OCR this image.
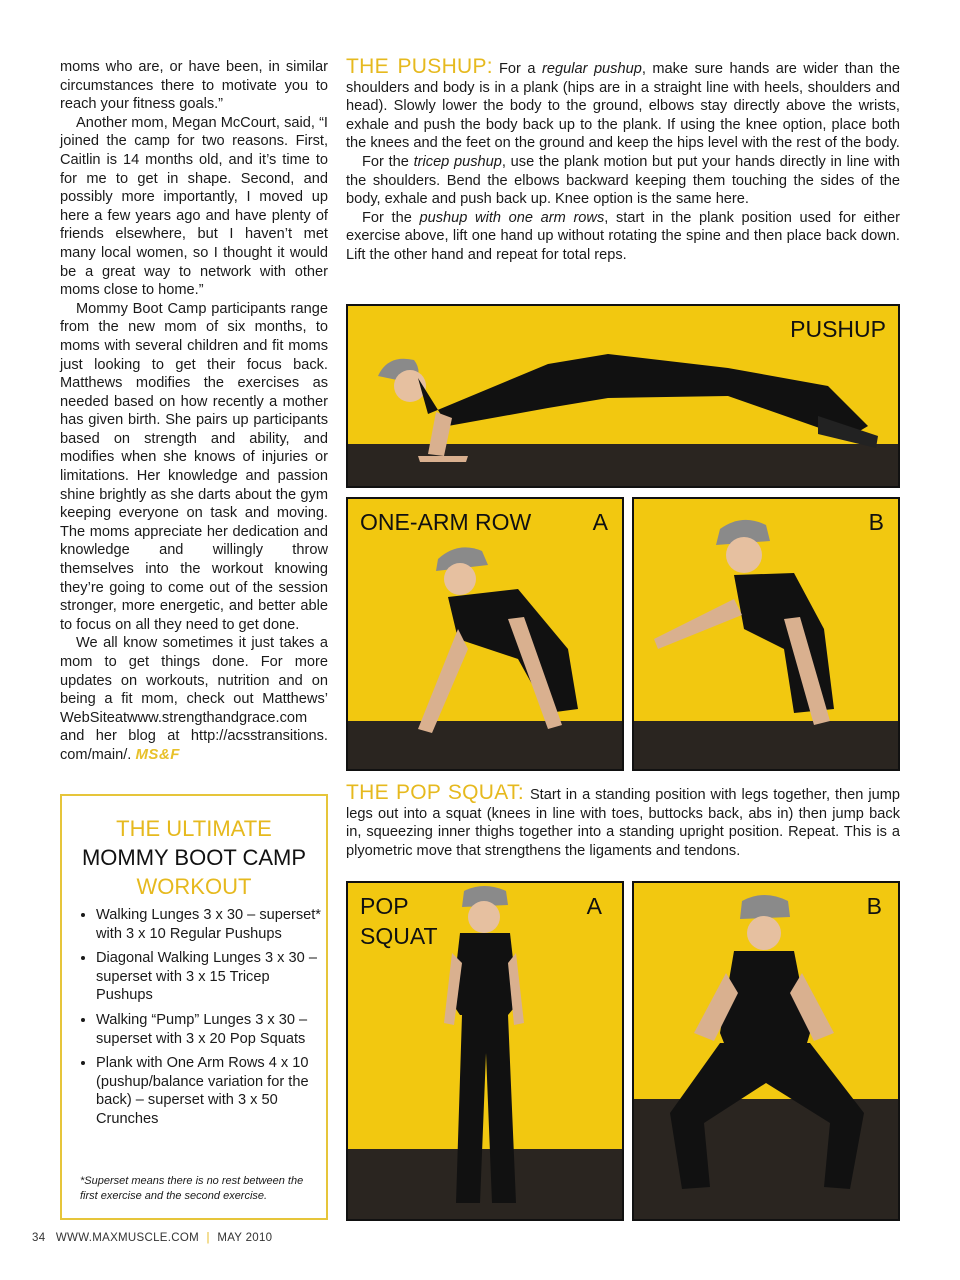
moms who are, or have been, in similar circumstances there to motivate you to reach your fitness goals.”

Another mom, Megan McCourt, said, “I joined the camp for two reasons. First, Caitlin is 14 months old, and it’s time to for me to get in shape. Second, and possibly more importantly, I moved up here a few years ago and have plenty of friends elsewhere, but I haven’t met many local women, so I thought it would be a great way to network with other moms close to home.”

Mommy Boot Camp participants range from the new mom of six months, to moms with several children and fit moms just looking to get their focus back. Matthews modifies the exercises as needed based on how recently a mother has given birth. She pairs up participants based on strength and ability, and modifies when she knows of injuries or limitations. Her knowledge and passion shine brightly as she darts about the gym keeping everyone on task and moving. The moms appreciate her dedication and knowledge and willingly throw themselves into the workout knowing they’re going to come out of the session stronger, more energetic, and better able to focus on all they need to get done.

We all know sometimes it just takes a mom to get things done. For more updates on workouts, nutrition and on being a fit mom, check out Matthews’ WebSiteatwww.strengthandgrace.com and her blog at http://acsstransitions. com/main/. MS&F

THE ULTIMATE
MOMMY BOOT CAMP
WORKOUT
• Walking Lunges 3 x 30 – superset* with 3 x 10 Regular Pushups
• Diagonal Walking Lunges 3 x 30 – superset with 3 x 15 Tricep Pushups
• Walking “Pump” Lunges 3 x 30 – superset with 3 x 20 Pop Squats
• Plank with One Arm Rows 4 x 10 (pushup/balance variation for the back) – superset with 3 x 50 Crunches
*Superset means there is no rest between the first exercise and the second exercise.

THE PUSHUP: For a regular pushup, make sure hands are wider than the shoulders and body is in a plank (hips are in a straight line with heels, shoulders and head). Slowly lower the body to the ground, elbows stay directly above the wrists, exhale and push the body back up to the plank. If using the knee option, place both the knees and the feet on the ground and keep the hips level with the rest of the body.

For the tricep pushup, use the plank motion but put your hands directly in line with the shoulders. Bend the elbows backward keeping them touching the sides of the body, exhale and push back up. Knee option is the same here.

For the pushup with one arm rows, start in the plank position used for either exercise above, lift one hand up without rotating the spine and then place back down. Lift the other hand and repeat for total reps.

PUSHUP
ONE-ARM ROW	A	B

THE POP SQUAT: Start in a standing position with legs together, then jump legs out into a squat (knees in line with toes, buttocks back, abs in) then jump back in, squeezing inner thighs together into a standing upright position. Repeat. This is a plyometric move that strengthens the ligaments and tendons.

POP
SQUAT
A	B
34 WWW.MAXMUSCLE.COM | MAY 2010
